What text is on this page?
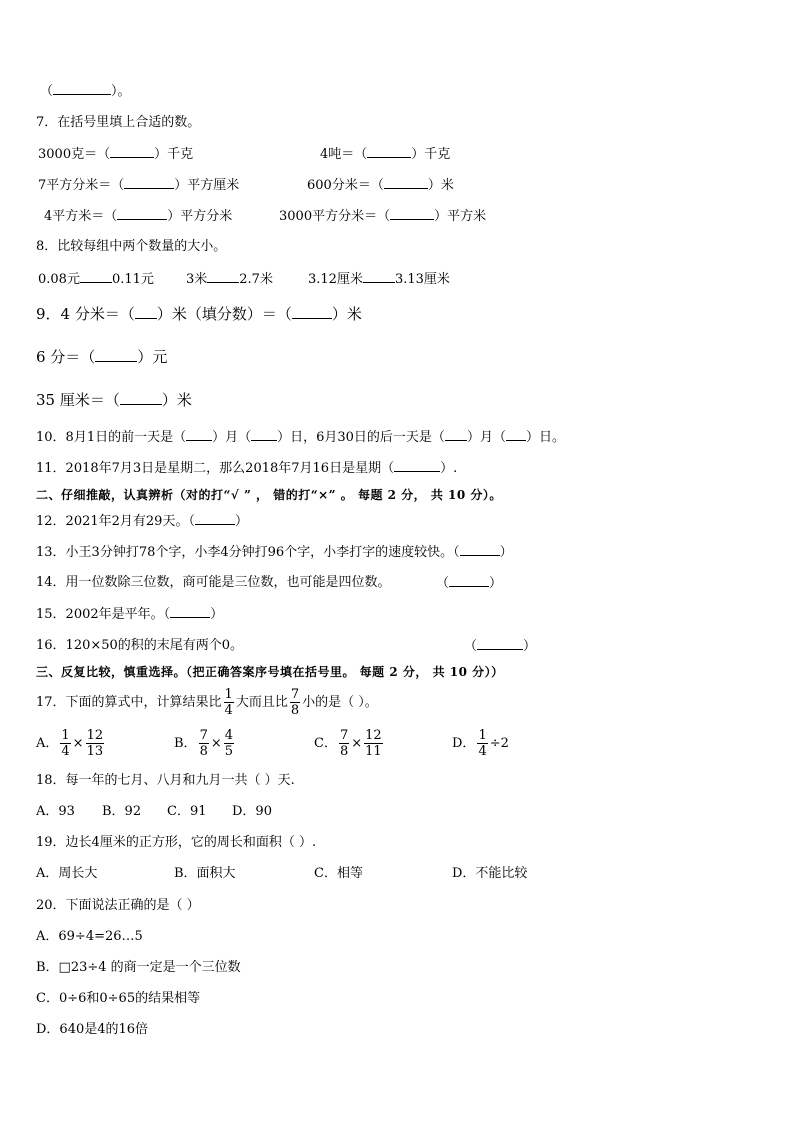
（	）。
7．在括号里填上合适的数。
3000克＝（	）千克	4吨＝（	）千克
7平方分米＝（	）平方厘米	600分米＝（	）米
4平方米＝（	）平方分米	3000平方分米＝（	）平方米
8．比较每组中两个数量的大小。
0.08元 0.11元 3米 2.7米	3.12厘米 3.13厘米
9．4 分米＝（ ）米（填分数）＝（	）米
6 分＝（	）元
35 厘米＝（	）米
10．8月1日的前一天是（ ）月（ ）日，6月30日的后一天是（ ）月（ ）日。
11．2018年7月3日是星期二，那么2018年7月16日是星期（	）.
二、仔细推敲，认真辨析（对的打“√ ” ， 错的打“×” 。 每题 2 分， 共 10 分）。
12．2021年2月有29天。（	）
13．小王3分钟打78个字，小李4分钟打96个字，小李打字的速度较快。（	）
14．用一位数除三位数，商可能是三位数，也可能是四位数。	（	）
15．2002年是平年。（	）
16．120×50的积的末尾有两个0。	（	）
三、反复比较，慎重选择。（把正确答案序号填在括号里。 每题 2 分， 共 10 分））
17．下面的算式中，计算结果比 $\frac{1}{4}$ 大而且比 $\frac{7}{8}$ 小的是（ ）。
A． $\frac{1}{4} \times \frac{12}{13}$	B． $\frac{7}{8} \times \frac{4}{5}$	C． $\frac{7}{8} \times \frac{12}{11}$	D． $\frac{1}{4} \div 2$
18．每一年的七月、八月和九月一共（ ）天.
A．93 B．92 C．91 D．90
19．边长4厘米的正方形，它的周长和面积（ ）.
A．周长大	B．面积大	C．相等	D．不能比较
20．下面说法正确的是（ ）
A．69÷4=26…5
B．□23÷4 的商一定是一个三位数
C．0÷6和0÷65的结果相等
D．640是4的16倍
